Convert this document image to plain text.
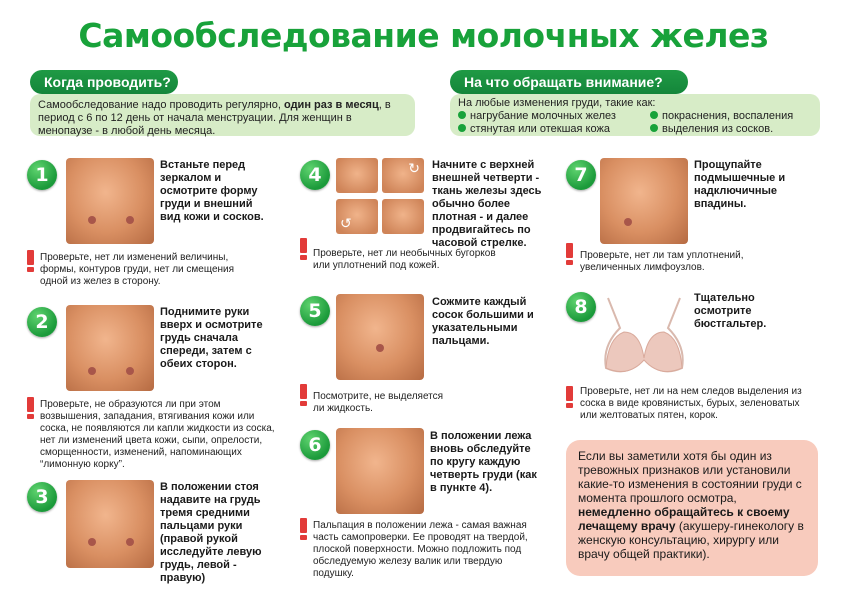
Самообследование молочных желез
Когда проводить?
Самообследование надо проводить регулярно, один раз в месяц, в период с 6 по 12 день от начала менструации. Для женщин в менопаузе - в любой день месяца.
На что обращать внимание?
На любые изменения груди, такие как:
нагрубание молочных желез	покраснения, воспаления
стянутая или отекшая кожа	выделения из сосков.
1	Встаньте перед зеркалом и осмотрите форму груди и внешний вид кожи и сосков.
Проверьте, нет ли изменений величины, формы, контуров груди, нет ли смещения одной из желез в сторону.
2	Поднимите руки вверх и осмотрите грудь сначала спереди, затем с обеих сторон.
Проверьте, не образуются ли при этом возвышения, западания, втягивания кожи или соска, не появляются ли капли жидкости из соска, нет ли изменений цвета кожи, сыпи, опрелости, сморщенности, изменений, напоминающих “лимонную корку”.
3	В положении стоя надавите на грудь тремя средними пальцами руки (правой рукой исследуйте левую грудь, левой - правую)
4	↻
↺
Начните с верхней внешней четверти - ткань железы здесь обычно более плотная - и далее продвигайтесь по часовой стрелке.
Проверьте, нет ли необычных бугорков или уплотнений под кожей.
5	Сожмите каждый сосок большими и указательными пальцами.
Посмотрите, не выделяется ли жидкость.
6	В положении лежа вновь обследуйте по кругу каждую четверть груди (как в пункте 4).
Пальпация в положении лежа - самая важная часть самопроверки. Ее проводят на твердой, плоской поверхности. Можно подложить под обследуемую железу валик или твердую подушку.
7	Прощупайте подмышечные и надключичные впадины.
Проверьте, нет ли там уплотнений, увеличенных лимфоузлов.
8	Тщательно осмотрите бюстгальтер.
Проверьте, нет ли на нем следов выделения из соска в виде кровянистых, бурых, зеленоватых или желтоватых пятен, корок.
Если вы заметили хотя бы один из тревожных признаков или установили какие-то изменения в состоянии груди с момента прошлого осмотра, немедленно обращайтесь к своему лечащему врачу (акушеру-гинекологу в женскую консультацию, хирургу или врачу общей практики).
